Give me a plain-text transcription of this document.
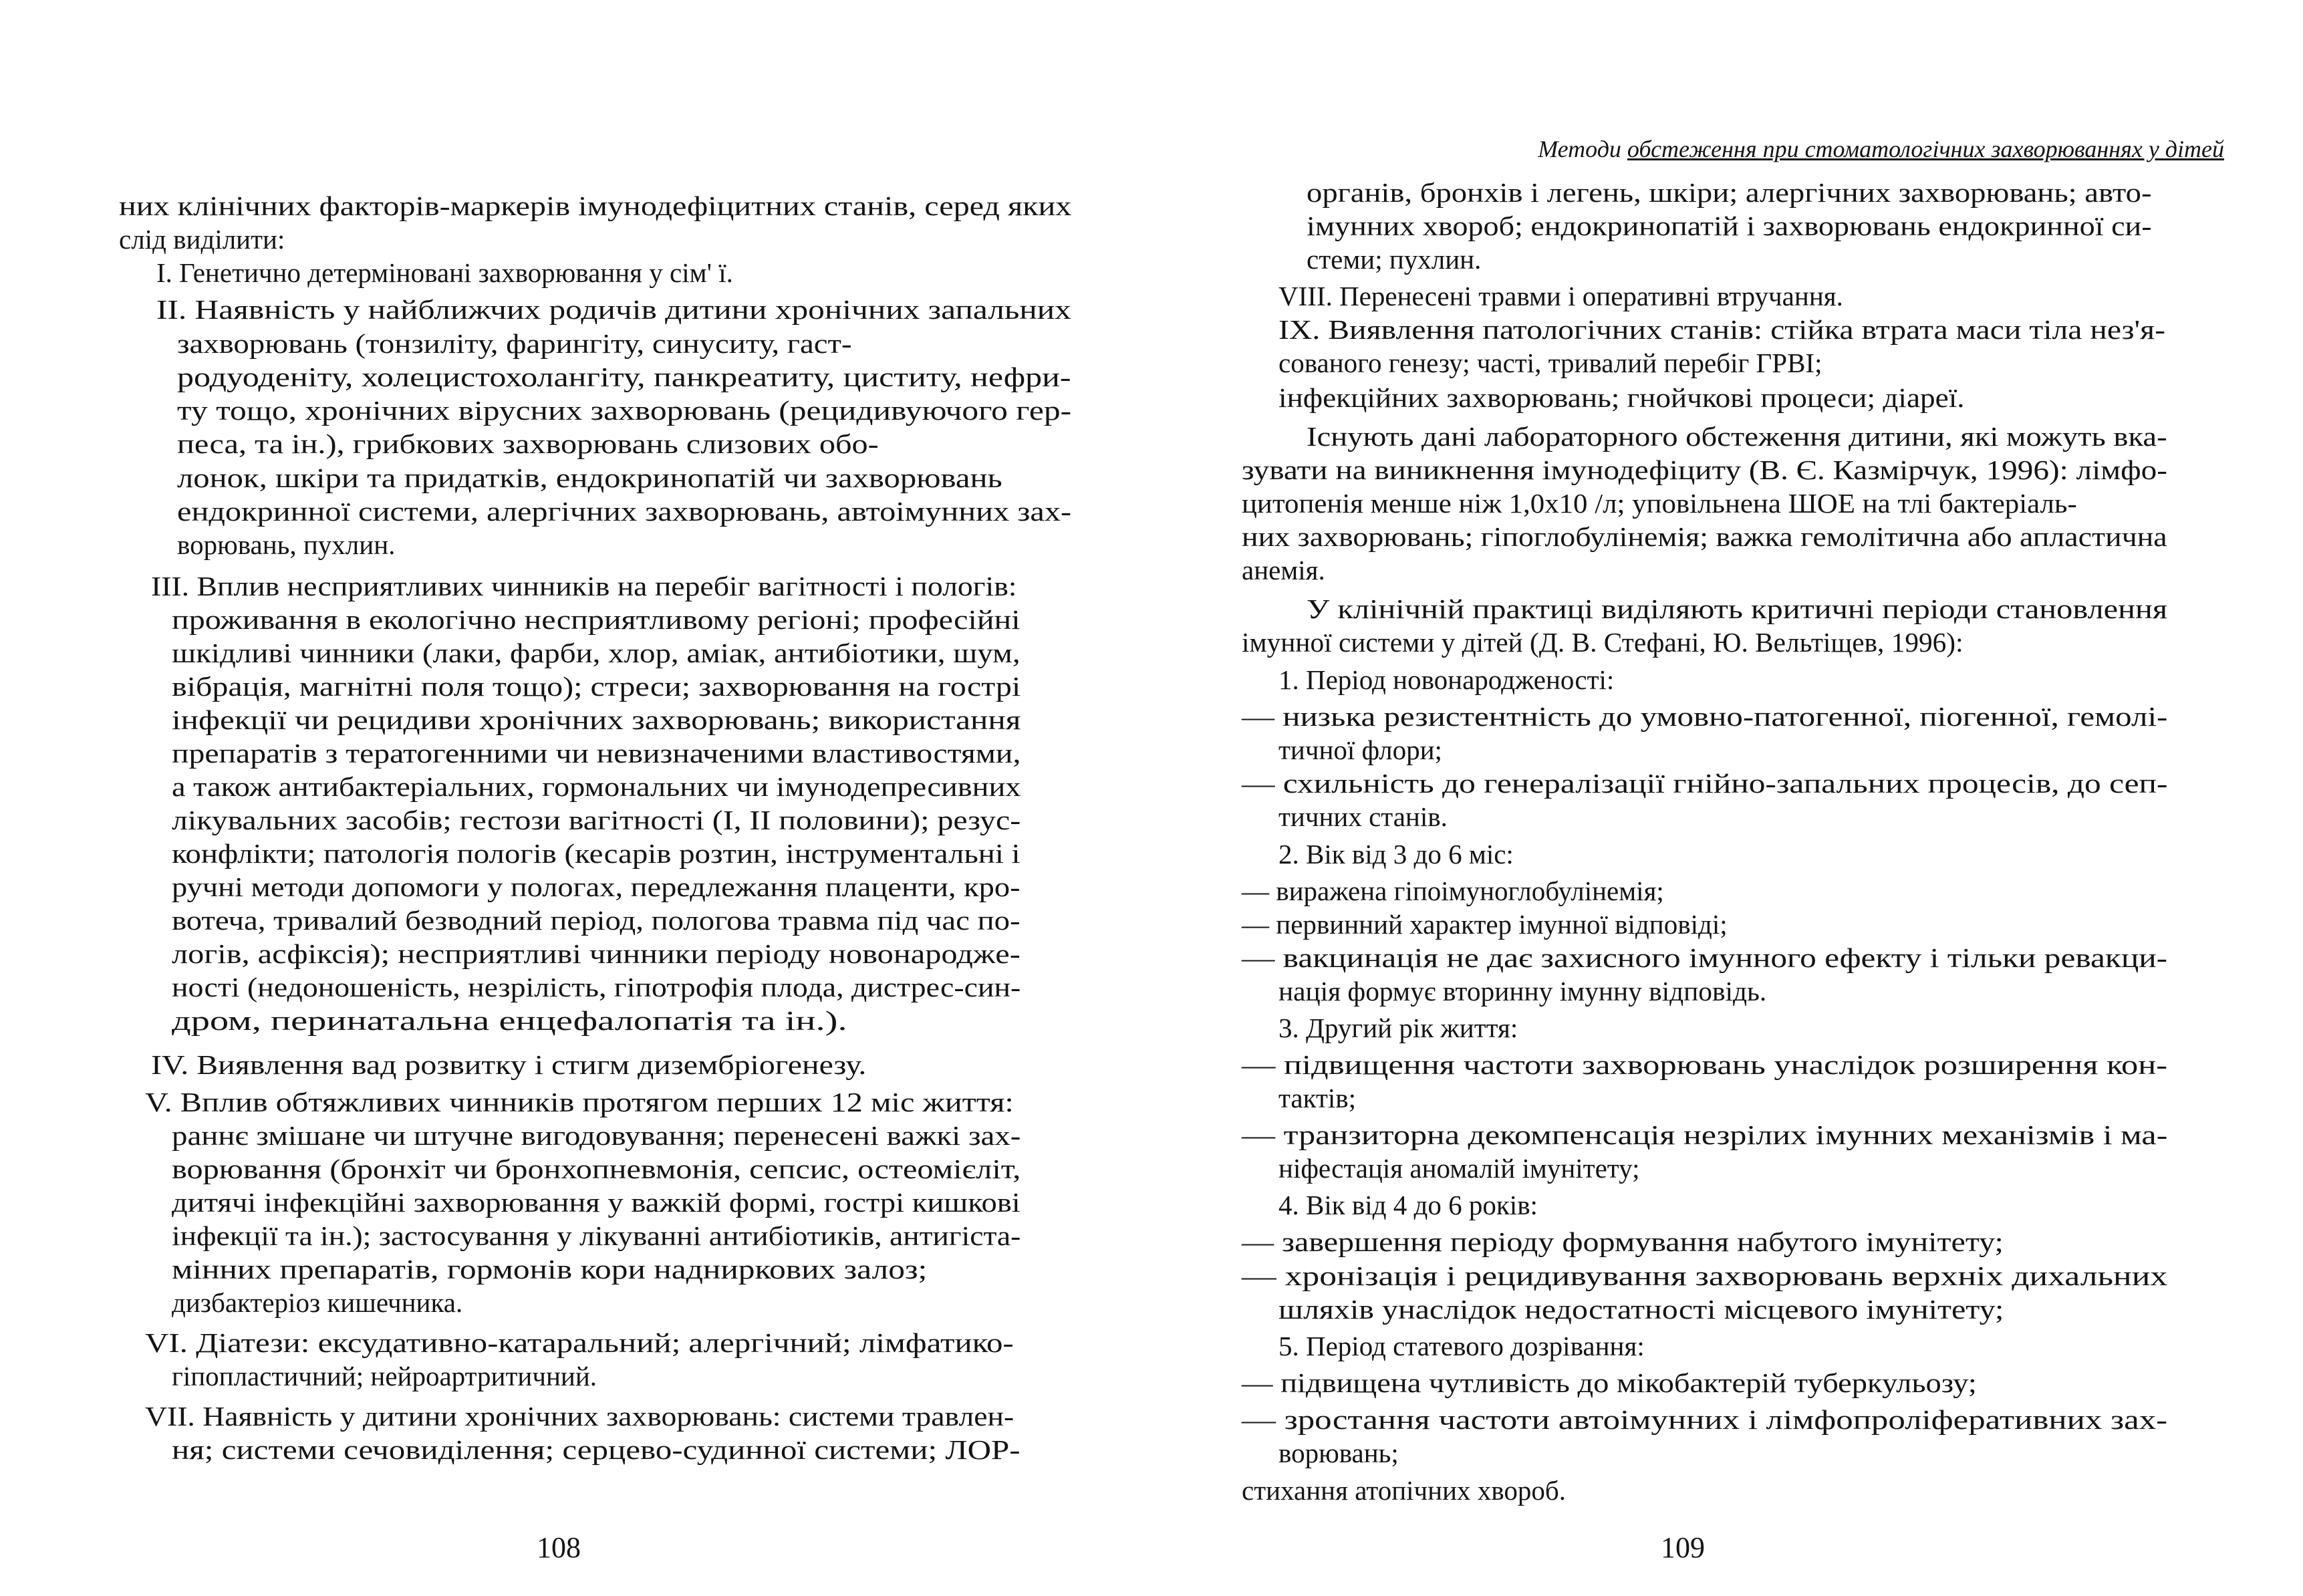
них клінічних факторів-маркерів імунодефіцитних станів, серед яких
слід виділити:
І. Генетично детерміновані захворювання у сім' ї.
II. Наявність у найближчих родичів дитини хронічних запальних
захворювань (тонзиліту, фарингіту, синуситу, гаст-
родуоденіту, холецистохолангіту, панкреатиту, циститу, нефри-
ту тощо, хронічних вірусних захворювань (рецидивуючого гер-
песа, та ін.), грибкових захворювань слизових обо-
лонок, шкіри та придатків, ендокринопатій чи захворювань
ендокринної системи, алергічних захворювань, автоімунних зах-
ворювань, пухлин.
III. Вплив несприятливих чинників на перебіг вагітності і пологів:
проживання в екологічно несприятливому регіоні; професійні
шкідливі чинники (лаки, фарби, хлор, аміак, антибіотики, шум,
вібрація, магнітні поля тощо); стреси; захворювання на гострі
інфекції чи рецидиви хронічних захворювань; використання
препаратів з тератогенними чи невизначеними властивостями,
а також антибактеріальних, гормональних чи імунодепресивних
лікувальних засобів; гестози вагітності (І, II половини); резус-
конфлікти; патологія пологів (кесарів розтин, інструментальні і
ручні методи допомоги у пологах, передлежання плаценти, кро-
вотеча, тривалий безводний період, пологова травма під час по-
логів, асфіксія); несприятливі чинники періоду новонароджe-
ності (недоношеність, незрілість, гіпотрофія плода, дистрес-син-
дром, перинатальна енцефалопатія та ін.).
IV. Виявлення вад розвитку і стигм дизембріогенезу.
V. Вплив обтяжливих чинників протягом перших 12 міс життя:
раннє змішане чи штучне вигодовування; перенесені важкі зах-
ворювання (бронхіт чи бронхопневмонія, сепсис, остеомієліт,
дитячі інфекційні захворювання у важкій формі, гострі кишкові
інфекції та ін.); застосування у лікуванні антибіотиків, антигіста-
мінних препаратів, гормонів кори надниркових залоз;
дизбактеріоз кишечника.
VI. Діатези: ексудативно-катаральний; алергічний; лімфатико-
гіпопластичний; нейроартритичний.
VII. Наявність у дитини хронічних захворювань: системи травлен-
ня; системи сечовиділення; серцево-судинної системи; ЛОР-
108
Методи обстеження при стоматологічних захворюваннях у дітей
органів, бронхів і легень, шкіри; алергічних захворювань; авто-
імунних хвороб; ендокринопатій і захворювань ендокринної си-
стеми; пухлин.
VIII. Перенесені травми і оперативні втручання.
IX. Виявлення патологічних станів: стійка втрата маси тіла нез'я-
сованого генезу; часті, тривалий перебіг ГРВІ;
інфекційних захворювань; гнойчкові процеси; діареї.
Існують дані лабораторного обстеження дитини, які можуть вка-
зувати на виникнення імунодефіциту (В. Є. Казмірчук, 1996): лімфо-
цитопенія менше ніж 1,0x10 /л; уповільнена ШОЕ на тлі бактеріаль-
них захворювань; гіпоглобулінемія; важка гемолітична або апластична
анемія.
У клінічній практиці виділяють критичні періоди становлення
імунної системи у дітей (Д. В. Стефані, Ю. Вельтіщев, 1996):
1. Період новонародженості:
— низька резистентність до умовно-патогенної, піогенної, гемолі-
тичної флори;
— схильність до генералізації гнійно-запальних процесів, до сеп-
тичних станів.
2. Вік від 3 до 6 міс:
— виражена гіпоімуноглобулінемія;
— первинний характер імунної відповіді;
— вакцинація не дає захисного імунного ефекту і тільки ревакци-
нація формує вторинну імунну відповідь.
3. Другий рік життя:
— підвищення частоти захворювань унаслідок розширення кон-
тактів;
— транзиторна декомпенсація незрілих імунних механізмів і ма-
ніфестація аномалій імунітету;
4. Вік від 4 до 6 років:
— завершення періоду формування набутого імунітету;
— хронізація і рецидивування захворювань верхніх дихальних
шляхів унаслідок недостатності місцевого імунітету;
5. Період статевого дозрівання:
— підвищена чутливість до мікобактерій туберкульозу;
— зростання частоти автоімунних і лімфопроліферативних зах-
ворювань;
стихання атопічних хвороб.
109
